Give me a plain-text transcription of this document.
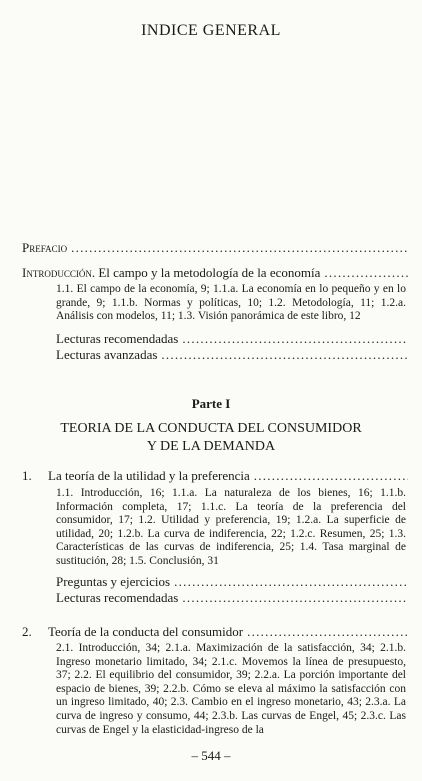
INDICE GENERAL
Prefacio
. . .
Introducción. El campo y la metodología de la economía
. . .
1.1. El campo de la economía, 9; 1.1.a. La economía en lo pequeño y en lo grande, 9; 1.1.b. Normas y políticas, 10; 1.2. Metodología, 11; 1.2.a. Análisis con modelos, 11; 1.3. Visión panorámica de este libro, 12
Lecturas recomendadas
. . .
Lecturas avanzadas
. . .
Parte I
TEORIA DE LA CONDUCTA DEL CONSUMIDOR
Y DE LA DEMANDA
1. La teoría de la utilidad y la preferencia
. . .
1.1. Introducción, 16; 1.1.a. La naturaleza de los bienes, 16; 1.1.b. Información completa, 17; 1.1.c. La teoría de la preferencia del consumidor, 17; 1.2. Utilidad y preferencia, 19; 1.2.a. La superficie de utilidad, 20; 1.2.b. La curva de indiferencia, 22; 1.2.c. Resumen, 25; 1.3. Características de las curvas de indiferencia, 25; 1.4. Tasa marginal de sustitución, 28; 1.5. Conclusión, 31
Preguntas y ejercicios
. . .
Lecturas recomendadas
. . .
2. Teoría de la conducta del consumidor
. . .
2.1. Introducción, 34; 2.1.a. Maximización de la satisfacción, 34; 2.1.b. Ingreso monetario limitado, 34; 2.1.c. Movemos la línea de presupuesto, 37; 2.2. El equilibrio del consumidor, 39; 2.2.a. La porción importante del espacio de bienes, 39; 2.2.b. Cómo se eleva al máximo la satisfacción con un ingreso limitado, 40; 2.3. Cambio en el ingreso monetario, 43; 2.3.a. La curva de ingreso y consumo, 44; 2.3.b. Las curvas de Engel, 45; 2.3.c. Las curvas de Engel y la elasticidad-ingreso de la
– 544 –
